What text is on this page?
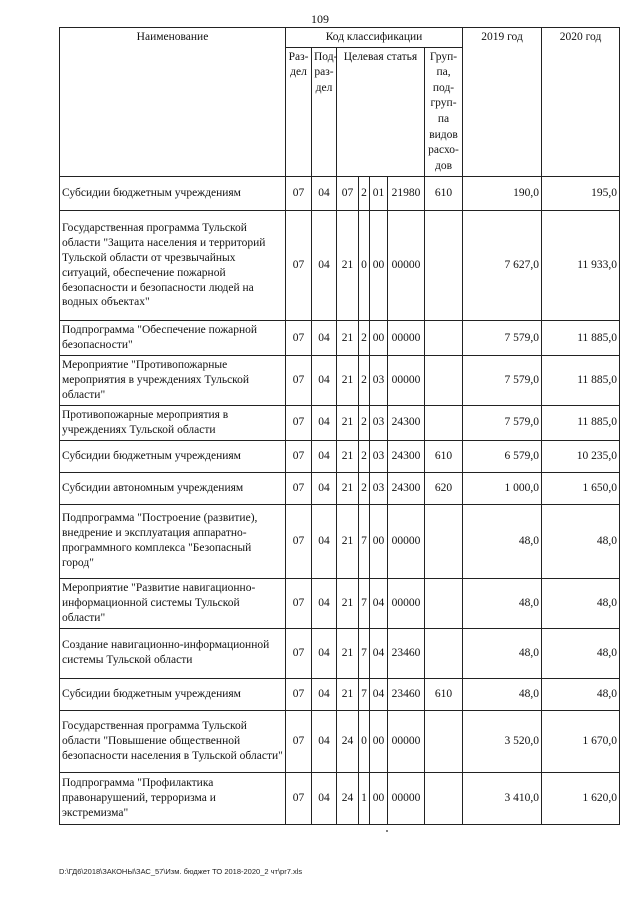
109
Наименование	Код классификации							2019 год	2020 год
	Раз-дел	Под-раз-дел	Целевая статья				Груп-па, под-груп-па видов расхо-дов		
Субсидии бюджетным учреждениям	07	04	07	2	01	21980	610	190,0	195,0
Государственная программа Тульской области "Защита населения и территорий Тульской области от чрезвычайных ситуаций, обеспечение пожарной безопасности и безопасности людей на водных объектах"	07	04	21	0	00	00000		7 627,0	11 933,0
Подпрограмма "Обеспечение пожарной безопасности"	07	04	21	2	00	00000		7 579,0	11 885,0
Мероприятие "Противопожарные мероприятия в учреждениях Тульской области"	07	04	21	2	03	00000		7 579,0	11 885,0
Противопожарные мероприятия в учреждениях Тульской области	07	04	21	2	03	24300		7 579,0	11 885,0
Субсидии бюджетным учреждениям	07	04	21	2	03	24300	610	6 579,0	10 235,0
Субсидии автономным учреждениям	07	04	21	2	03	24300	620	1 000,0	1 650,0
Подпрограмма "Построение (развитие), внедрение и эксплуатация аппаратно-программного комплекса "Безопасный город"	07	04	21	7	00	00000		48,0	48,0
Мероприятие "Развитие навигационно-информационной системы Тульской области"	07	04	21	7	04	00000		48,0	48,0
Создание навигационно-информационной системы Тульской области	07	04	21	7	04	23460		48,0	48,0
Субсидии бюджетным учреждениям	07	04	21	7	04	23460	610	48,0	48,0
Государственная программа Тульской области "Повышение общественной безопасности населения в Тульской области"	07	04	24	0	00	00000		3 520,0	1 670,0
Подпрограмма "Профилактика правонарушений, терроризма и экстремизма"	07	04	24	1	00	00000		3 410,0	1 620,0
D:\ГД6\2018\ЗАКОНЫ\ЗАС_57\Изм. бюджет ТО 2018-2020_2 чт\pr7.xls
